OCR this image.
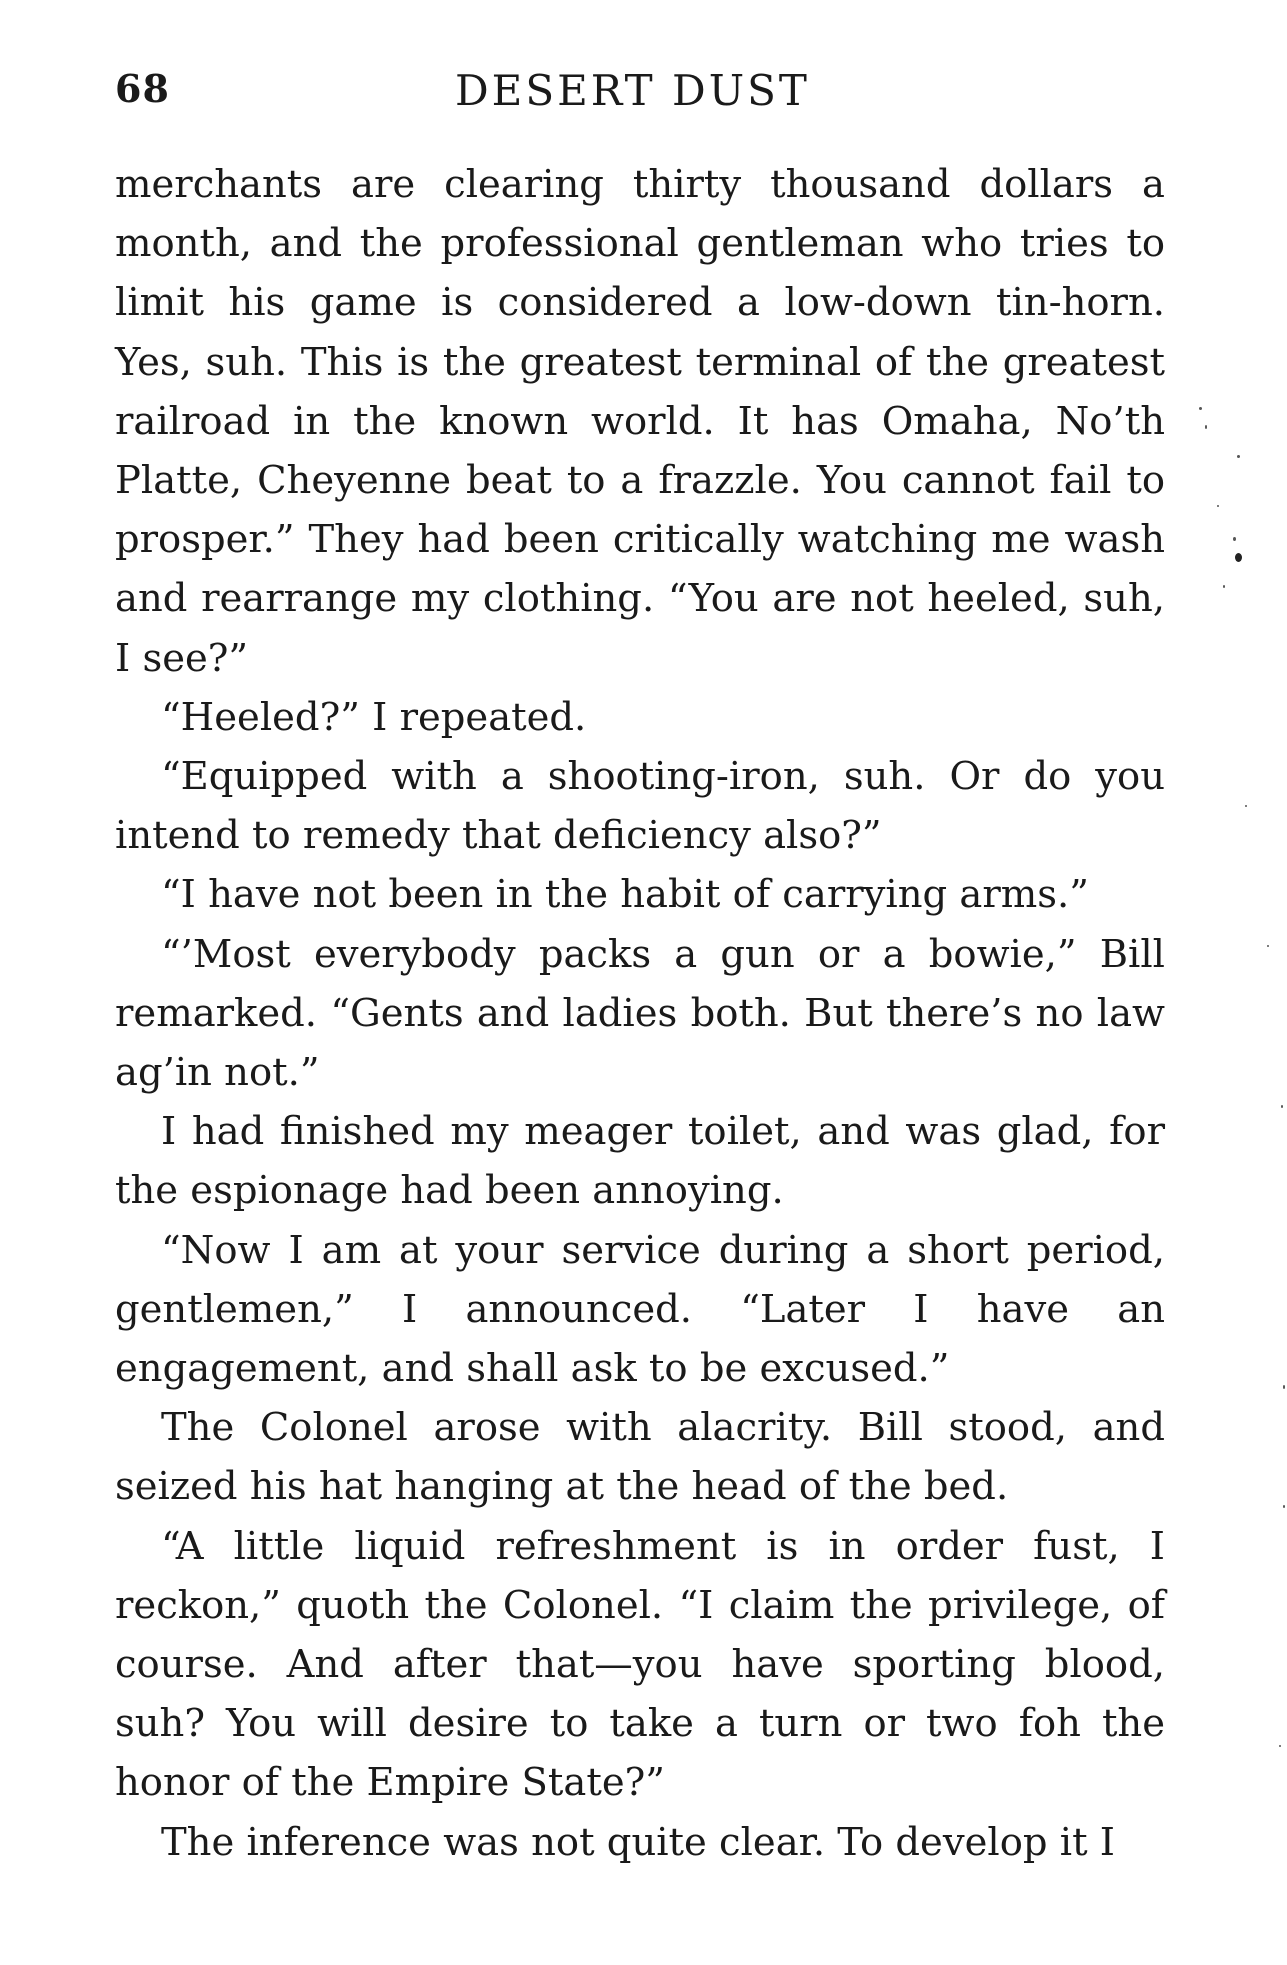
68	DESERT DUST

merchants are clearing thirty thousand dollars a month, and the professional gentleman who tries to limit his game is considered a low-down tin-horn. Yes, suh. This is the greatest terminal of the greatest railroad in the known world. It has Omaha, No’th Platte, Cheyenne beat to a frazzle. You cannot fail to prosper.” They had been critically watching me wash and rearrange my clothing. “You are not heeled, suh, I see?”

“Heeled?” I repeated.

“Equipped with a shooting-iron, suh. Or do you intend to remedy that deficiency also?”

“I have not been in the habit of carrying arms.”

“’Most everybody packs a gun or a bowie,” Bill remarked. “Gents and ladies both. But there’s no law ag’in not.”

I had finished my meager toilet, and was glad, for the espionage had been annoying.

“Now I am at your service during a short period, gentlemen,” I announced. “Later I have an engagement, and shall ask to be excused.”

The Colonel arose with alacrity. Bill stood, and seized his hat hanging at the head of the bed.

“A little liquid refreshment is in order fust, I reckon,” quoth the Colonel. “I claim the privilege, of course. And after that—you have sporting blood, suh? You will desire to take a turn or two foh the honor of the Empire State?”

The inference was not quite clear. To develop it I
